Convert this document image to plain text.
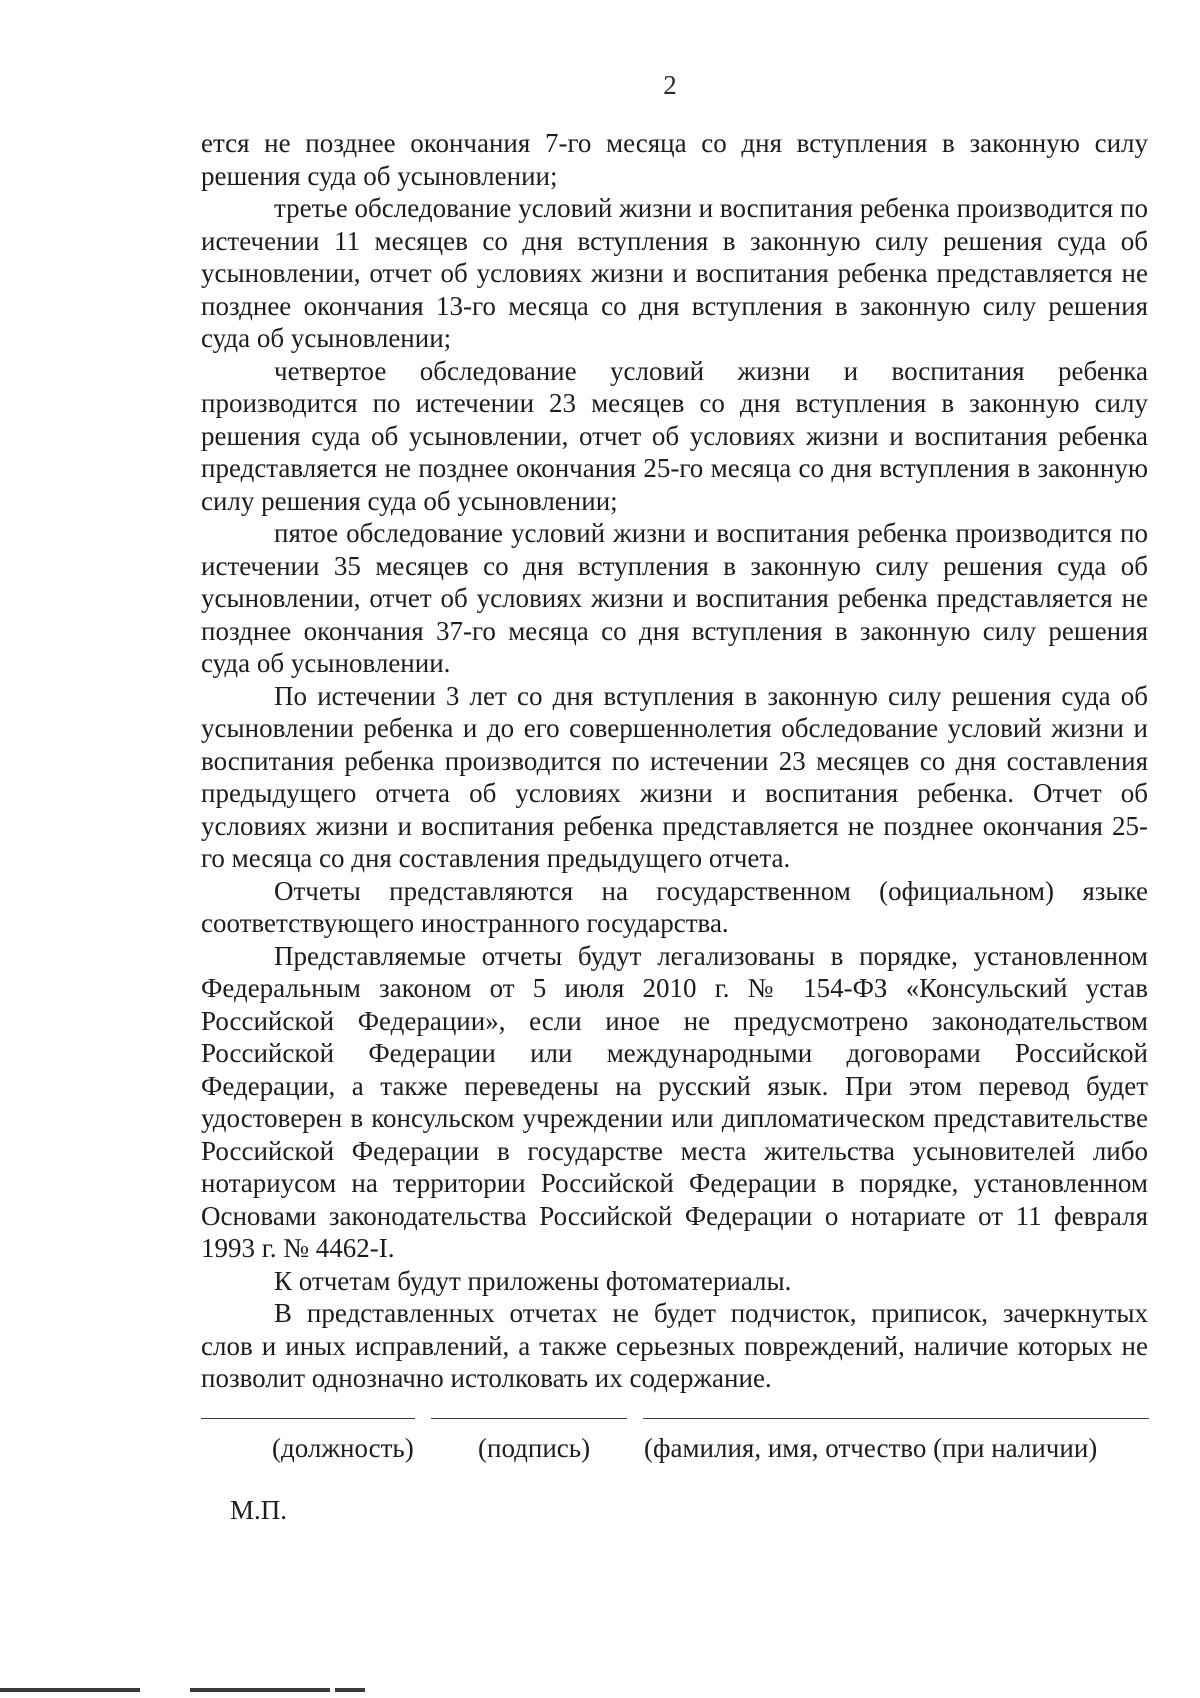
2

ется не позднее окончания 7-го месяца со дня вступления в законную силу решения суда об усыновлении;

третье обследование условий жизни и воспитания ребенка производится по истечении 11 месяцев со дня вступления в законную силу решения суда об усыновлении, отчет об условиях жизни и воспитания ребенка представляется не позднее окончания 13-го месяца со дня вступления в законную силу решения суда об усыновлении;

четвертое обследование условий жизни и воспитания ребенка производится по истечении 23 месяцев со дня вступления в законную силу решения суда об усыновлении, отчет об условиях жизни и воспитания ребенка представляется не позднее окончания 25-го месяца со дня вступления в законную силу решения суда об усыновлении;

пятое обследование условий жизни и воспитания ребенка производится по истечении 35 месяцев со дня вступления в законную силу решения суда об усыновлении, отчет об условиях жизни и воспитания ребенка представляется не позднее окончания 37-го месяца со дня вступления в законную силу решения суда об усыновлении.

По истечении 3 лет со дня вступления в законную силу решения суда об усыновлении ребенка и до его совершеннолетия обследование условий жизни и воспитания ребенка производится по истечении 23 месяцев со дня составления предыдущего отчета об условиях жизни и воспитания ребенка. Отчет об условиях жизни и воспитания ребенка представляется не позднее окончания 25-го месяца со дня составления предыдущего отчета.

Отчеты представляются на государственном (официальном) языке соответствующего иностранного государства.

Представляемые отчеты будут легализованы в порядке, установленном Федеральным законом от 5 июля 2010 г. № 154-ФЗ «Консульский устав Российской Федерации», если иное не предусмотрено законодательством Российской Федерации или международными договорами Российской Федерации, а также переведены на русский язык. При этом перевод будет удостоверен в консульском учреждении или дипломатическом представительстве Российской Федерации в государстве места жительства усыновителей либо нотариусом на территории Российской Федерации в порядке, установленном Основами законодательства Российской Федерации о нотариате от 11 февраля 1993 г. № 4462-I.

К отчетам будут приложены фотоматериалы.

В представленных отчетах не будет подчисток, приписок, зачеркнутых слов и иных исправлений, а также серьезных повреждений, наличие которых не позволит однозначно истолковать их содержание.

(должность) (подпись) (фамилия, имя, отчество (при наличии)
М.П.
